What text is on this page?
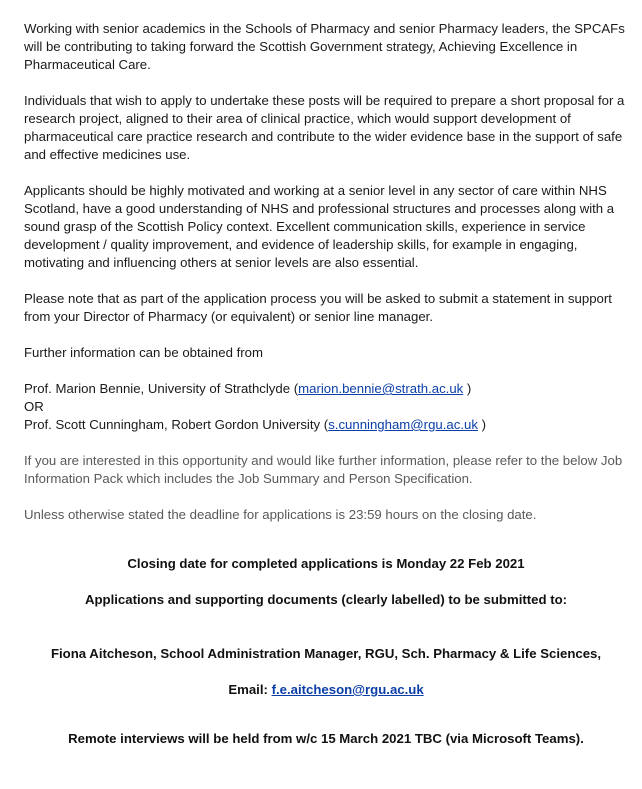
Working with senior academics in the Schools of Pharmacy and senior Pharmacy leaders, the SPCAFs will be contributing to taking forward the Scottish Government strategy, Achieving Excellence in Pharmaceutical Care.

Individuals that wish to apply to undertake these posts will be required to prepare a short proposal for a research project, aligned to their area of clinical practice, which would support development of pharmaceutical care practice research and contribute to the wider evidence base in the support of safe and effective medicines use.

Applicants should be highly motivated and working at a senior level in any sector of care within NHS Scotland, have a good understanding of NHS and professional structures and processes along with a sound grasp of the Scottish Policy context. Excellent communication skills, experience in service development / quality improvement, and evidence of leadership skills, for example in engaging, motivating and influencing others at senior levels are also essential.

Please note that as part of the application process you will be asked to submit a statement in support from your Director of Pharmacy (or equivalent) or senior line manager.

Further information can be obtained from

Prof. Marion Bennie, University of Strathclyde (marion.bennie@strath.ac.uk )

OR

Prof. Scott Cunningham, Robert Gordon University (s.cunningham@rgu.ac.uk )

If you are interested in this opportunity and would like further information, please refer to the below Job Information Pack which includes the Job Summary and Person Specification.

Unless otherwise stated the deadline for applications is 23:59 hours on the closing date.

Closing date for completed applications is Monday 22 Feb 2021

Applications and supporting documents (clearly labelled) to be submitted to:

Fiona Aitcheson, School Administration Manager, RGU, Sch. Pharmacy & Life Sciences,

Email: f.e.aitcheson@rgu.ac.uk

Remote interviews will be held from w/c 15 March 2021 TBC (via Microsoft Teams).
